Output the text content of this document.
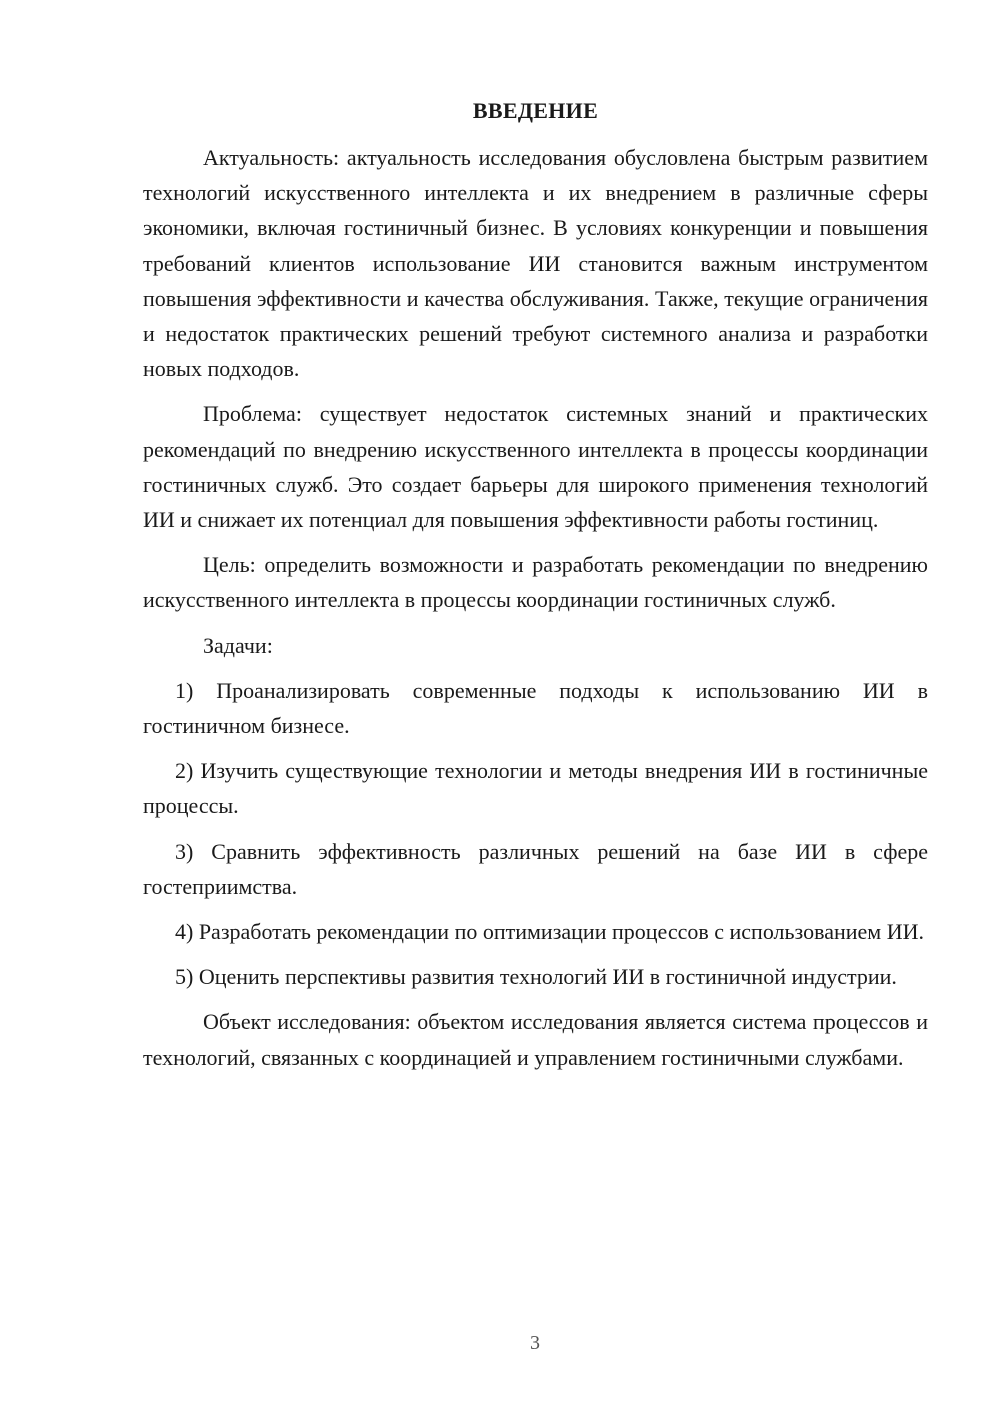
ВВЕДЕНИЕ

Актуальность: актуальность исследования обусловлена быстрым развитием технологий искусственного интеллекта и их внедрением в различные сферы экономики, включая гостиничный бизнес. В условиях конкуренции и повышения требований клиентов использование ИИ становится важным инструментом повышения эффективности и качества обслуживания. Также, текущие ограничения и недостаток практических решений требуют системного анализа и разработки новых подходов.

Проблема: существует недостаток системных знаний и практических рекомендаций по внедрению искусственного интеллекта в процессы координации гостиничных служб. Это создает барьеры для широкого применения технологий ИИ и снижает их потенциал для повышения эффективности работы гостиниц.

Цель: определить возможности и разработать рекомендации по внедрению искусственного интеллекта в процессы координации гостиничных служб.

Задачи:

1) Проанализировать современные подходы к использованию ИИ в гостиничном бизнесе.

2) Изучить существующие технологии и методы внедрения ИИ в гостиничные процессы.

3) Сравнить эффективность различных решений на базе ИИ в сфере гостеприимства.

4) Разработать рекомендации по оптимизации процессов с использованием ИИ.

5) Оценить перспективы развития технологий ИИ в гостиничной индустрии.

Объект исследования: объектом исследования является система процессов и технологий, связанных с координацией и управлением гостиничными службами.

3
